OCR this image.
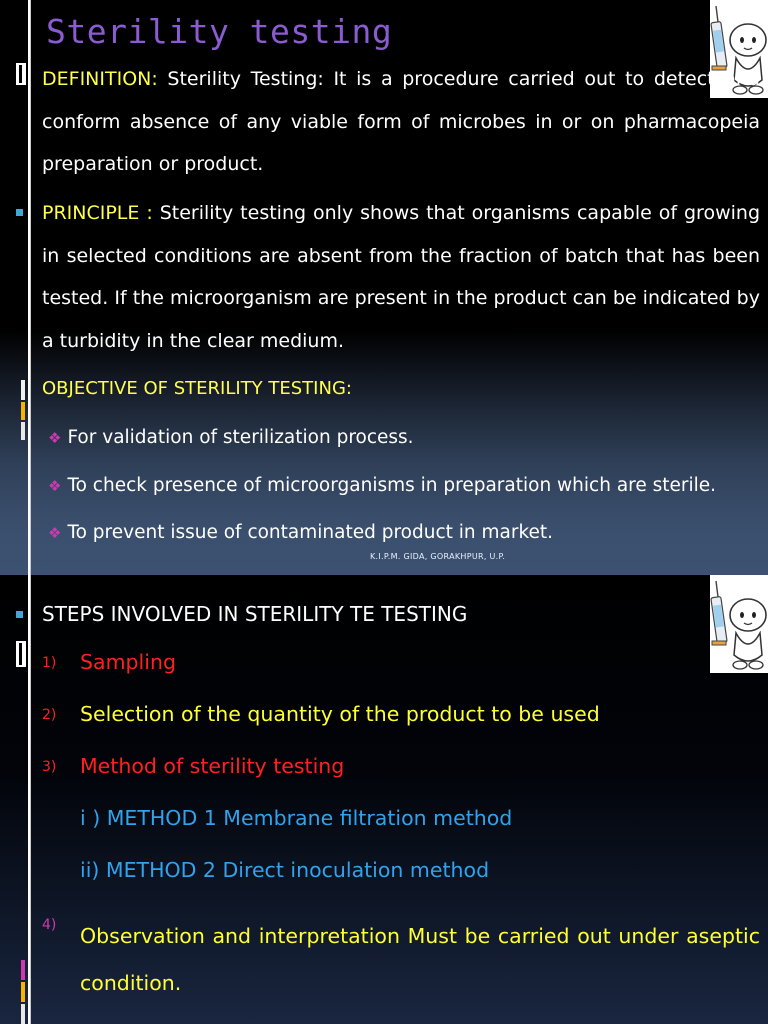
Sterility testing

DEFINITION: Sterility Testing: It is a procedure carried out to detect and conform absence of any viable form of microbes in or on pharmacopeia preparation or product.

PRINCIPLE : Sterility testing only shows that organisms capable of growing in selected conditions are absent from the fraction of batch that has been tested. If the microorganism are present in the product can be indicated by a turbidity in the clear medium.

OBJECTIVE OF STERILITY TESTING:

❖ For validation of sterilization process.

❖ To check presence of microorganisms in preparation which are sterile.

❖ To prevent issue of contaminated product in market.

K.I.P.M. GIDA, GORAKHPUR, U.P.

STEPS INVOLVED IN STERILITY TE TESTING

1) Sampling

2) Selection of the quantity of the product to be used

3) Method of sterility testing

i ) METHOD 1 Membrane filtration method

ii) METHOD 2 Direct inoculation method

4) Observation and interpretation Must be carried out under aseptic condition.
